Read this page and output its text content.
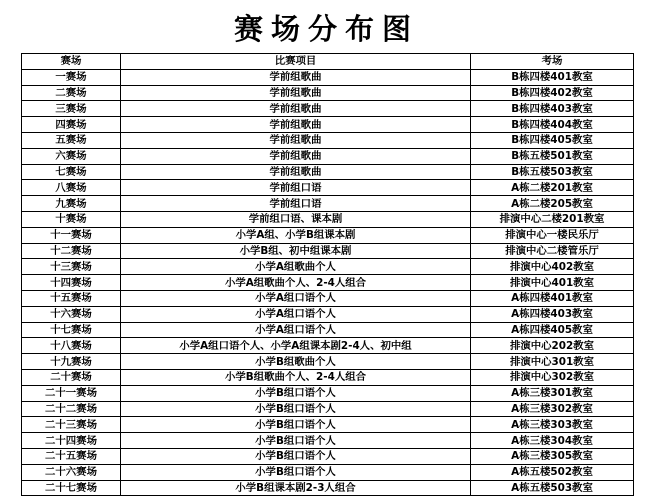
赛场分布图
赛场	比赛项目	考场
一赛场	学前组歌曲	B栋四楼401教室
二赛场	学前组歌曲	B栋四楼402教室
三赛场	学前组歌曲	B栋四楼403教室
四赛场	学前组歌曲	B栋四楼404教室
五赛场	学前组歌曲	B栋四楼405教室
六赛场	学前组歌曲	B栋五楼501教室
七赛场	学前组歌曲	B栋五楼503教室
八赛场	学前组口语	A栋二楼201教室
九赛场	学前组口语	A栋二楼205教室
十赛场	学前组口语、课本剧	排演中心二楼201教室
十一赛场	小学A组、小学B组课本剧	排演中心一楼民乐厅
十二赛场	小学B组、初中组课本剧	排演中心二楼管乐厅
十三赛场	小学A组歌曲个人	排演中心402教室
十四赛场	小学A组歌曲个人、2-4人组合	排演中心401教室
十五赛场	小学A组口语个人	A栋四楼401教室
十六赛场	小学A组口语个人	A栋四楼403教室
十七赛场	小学A组口语个人	A栋四楼405教室
十八赛场	小学A组口语个人、小学A组课本剧2-4人、初中组	排演中心202教室
十九赛场	小学B组歌曲个人	排演中心301教室
二十赛场	小学B组歌曲个人、2-4人组合	排演中心302教室
二十一赛场	小学B组口语个人	A栋三楼301教室
二十二赛场	小学B组口语个人	A栋三楼302教室
二十三赛场	小学B组口语个人	A栋三楼303教室
二十四赛场	小学B组口语个人	A栋三楼304教室
二十五赛场	小学B组口语个人	A栋三楼305教室
二十六赛场	小学B组口语个人	A栋五楼502教室
二十七赛场	小学B组课本剧2-3人组合	A栋五楼503教室
